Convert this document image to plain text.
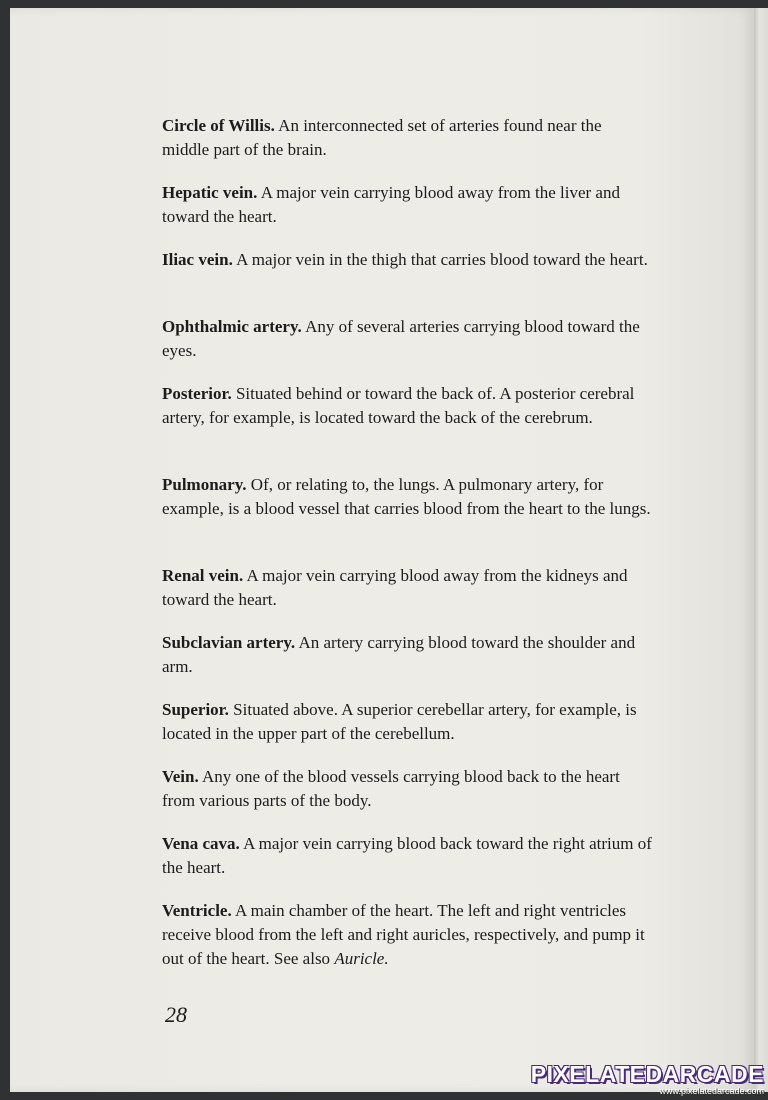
Circle of Willis. An interconnected set of arteries found near the middle part of the brain.

Hepatic vein. A major vein carrying blood away from the liver and toward the heart.

Iliac vein. A major vein in the thigh that carries blood toward the heart.

Ophthalmic artery. Any of several arteries carrying blood toward the eyes.

Posterior. Situated behind or toward the back of. A posterior cerebral artery, for example, is located toward the back of the cerebrum.

Pulmonary. Of, or relating to, the lungs. A pulmonary artery, for example, is a blood vessel that carries blood from the heart to the lungs.

Renal vein. A major vein carrying blood away from the kidneys and toward the heart.

Subclavian artery. An artery carrying blood toward the shoulder and arm.

Superior. Situated above. A superior cerebellar artery, for example, is located in the upper part of the cerebellum.

Vein. Any one of the blood vessels carrying blood back to the heart from various parts of the body.

Vena cava. A major vein carrying blood back toward the right atrium of the heart.

Ventricle. A main chamber of the heart. The left and right ventricles receive blood from the left and right auricles, respectively, and pump it out of the heart. See also Auricle.

28
PIXELATEDARCADE
www.pixelatedarcade.com
